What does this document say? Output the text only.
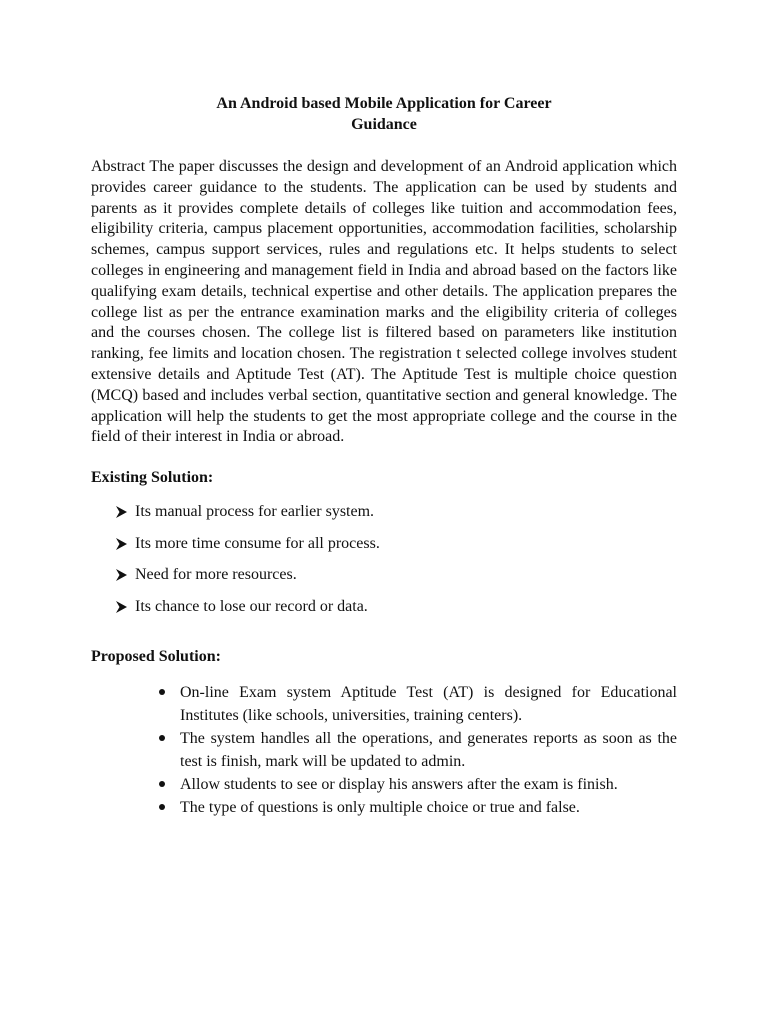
An Android based Mobile Application for Career
Guidance

Abstract The paper discusses the design and development of an Android application which provides career guidance to the students. The application can be used by students and parents as it provides complete details of colleges like tuition and accommodation fees, eligibility criteria, campus placement opportunities, accommodation facilities, scholarship schemes, campus support services, rules and regulations etc. It helps students to select colleges in engineering and management field in India and abroad based on the factors like qualifying exam details, technical expertise and other details. The application prepares the college list as per the entrance examination marks and the eligibility criteria of colleges and the courses chosen. The college list is filtered based on parameters like institution ranking, fee limits and location chosen. The registration t selected college involves student extensive details and Aptitude Test (AT). The Aptitude Test is multiple choice question (MCQ) based and includes verbal section, quantitative section and general knowledge. The application will help the students to get the most appropriate college and the course in the field of their interest in India or abroad.

Existing Solution:
Its manual process for earlier system.
Its more time consume for all process.
Need for more resources.
Its chance to lose our record or data.
Proposed Solution:
On-line Exam system Aptitude Test (AT) is designed for Educational Institutes (like schools, universities, training centers).
The system handles all the operations, and generates reports as soon as the test is finish, mark will be updated to admin.
Allow students to see or display his answers after the exam is finish.
The type of questions is only multiple choice or true and false.
